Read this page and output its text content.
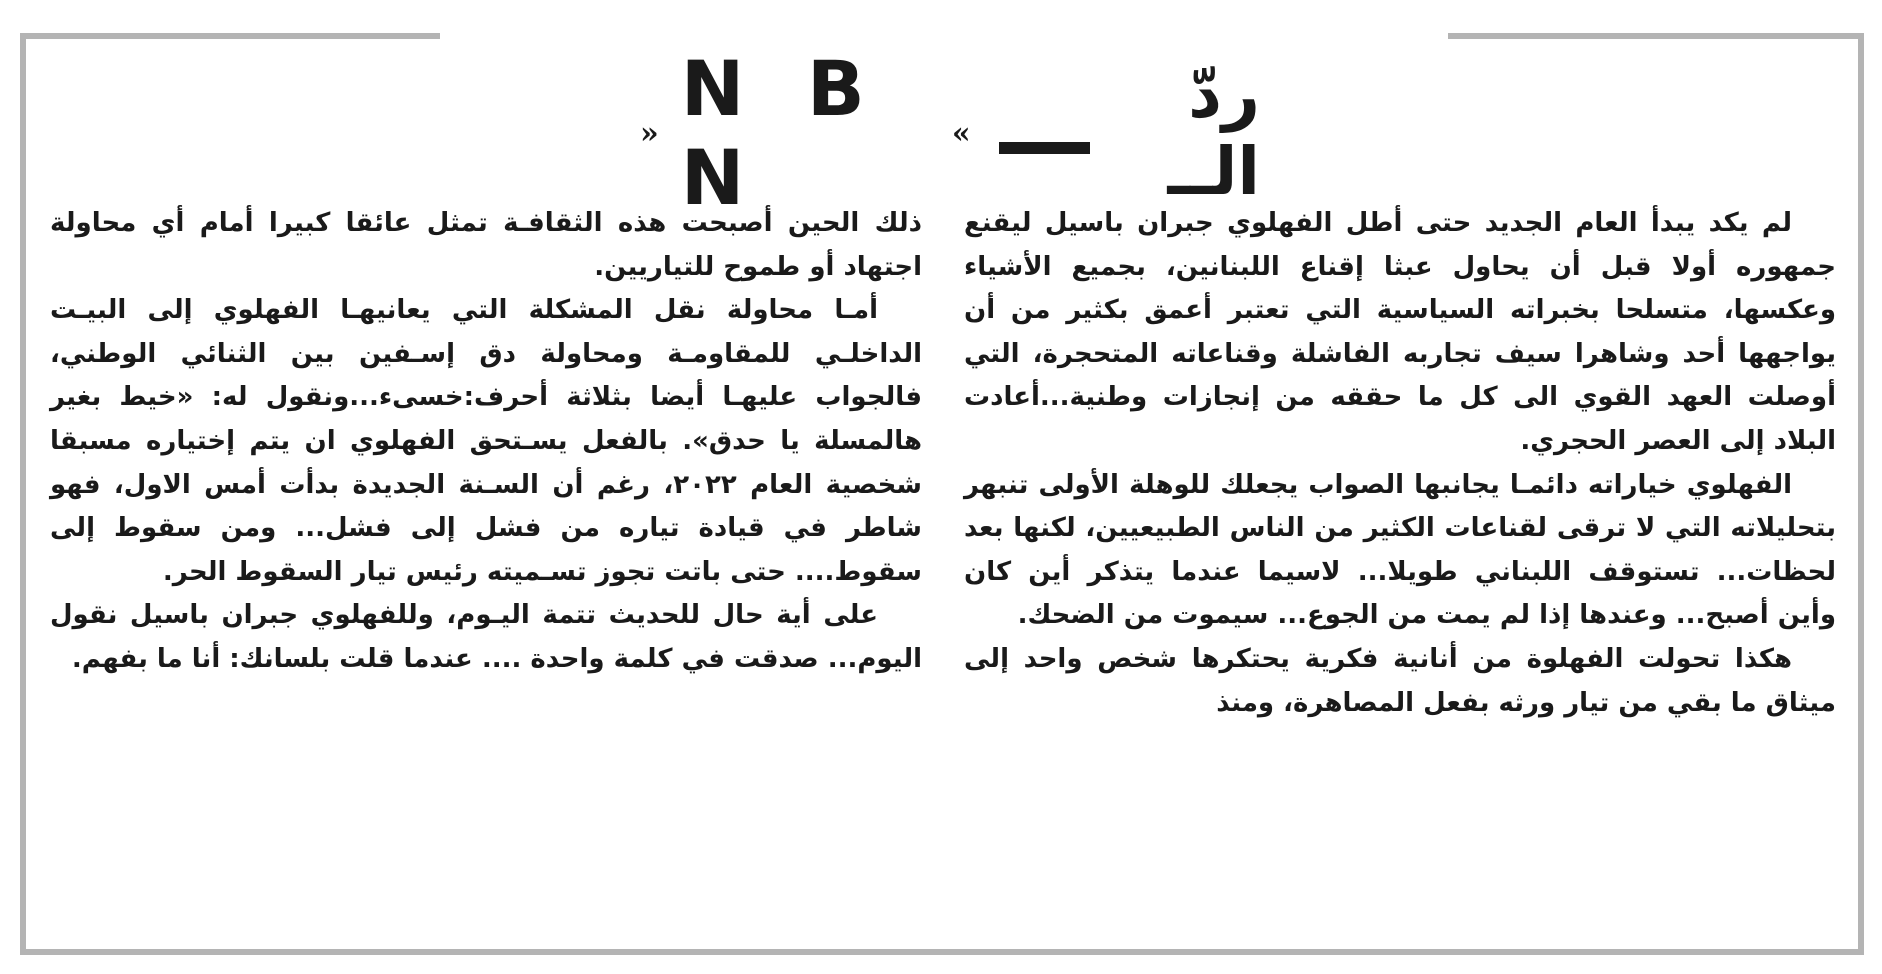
» N B N	«	ردّ الــ

لم يكد يبدأ العام الجديد حتى أطل الفهلوي جبران باسيل ليقنع جمهوره أولا قبل أن يحاول عبثا إقناع اللبنانين، بجميع الأشياء وعكسها، متسلحا بخبراته السياسية التي تعتبر أعمق بكثير من أن يواجهها أحد وشاهرا سيف تجاربه الفاشلة وقناعاته المتحجرة، التي أوصلت العهد القوي الى كل ما حققه من إنجازات وطنية...أعادت البلاد إلى العصر الحجري.

الفهلوي خياراته دائمـا يجانبها الصواب يجعلك للوهلة الأولى تنبهر بتحليلاته التي لا ترقى لقناعات الكثير من الناس الطبيعيين، لكنها بعد لحظات... تستوقف اللبناني طويلا... لاسيما عندما يتذكر أين كان وأين أصبح... وعندها إذا لم يمت من الجوع... سيموت من الضحك.

هكذا تحولت الفهلوة من أنانية فكرية يحتكرها شخص واحد إلى ميثاق ما بقي من تيار ورثه بفعل المصاهرة، ومنذ

ذلك الحين أصبحت هذه الثقافـة تمثل عائقا كبيرا أمام أي محاولة اجتهاد أو طموح للتياريين.

أمـا محاولة نقل المشكلة التي يعانيهـا الفهلوي إلى البيـت الداخلـي للمقاومـة ومحاولة دق إسـفين بين الثنائي الوطني، فالجواب عليهـا أيضا بثلاثة أحرف:خسىء...ونقول له: «خيط بغير هالمسلة يا حدق». بالفعل يسـتحق الفهلوي ان يتم إختياره مسبقا شخصية العام ٢٠٢٢، رغم أن السـنة الجديدة بدأت أمس الاول، فهو شاطر في قيادة تياره من فشل إلى فشل... ومن سقوط إلى سقوط.... حتى باتت تجوز تسـميته رئيس تيار السقوط الحر.

على أية حال للحديث تتمة اليـوم، وللفهلوي جبران باسيل نقول اليوم... صدقت في كلمة واحدة .... عندما قلت بلسانك: أنا ما بفهم.
